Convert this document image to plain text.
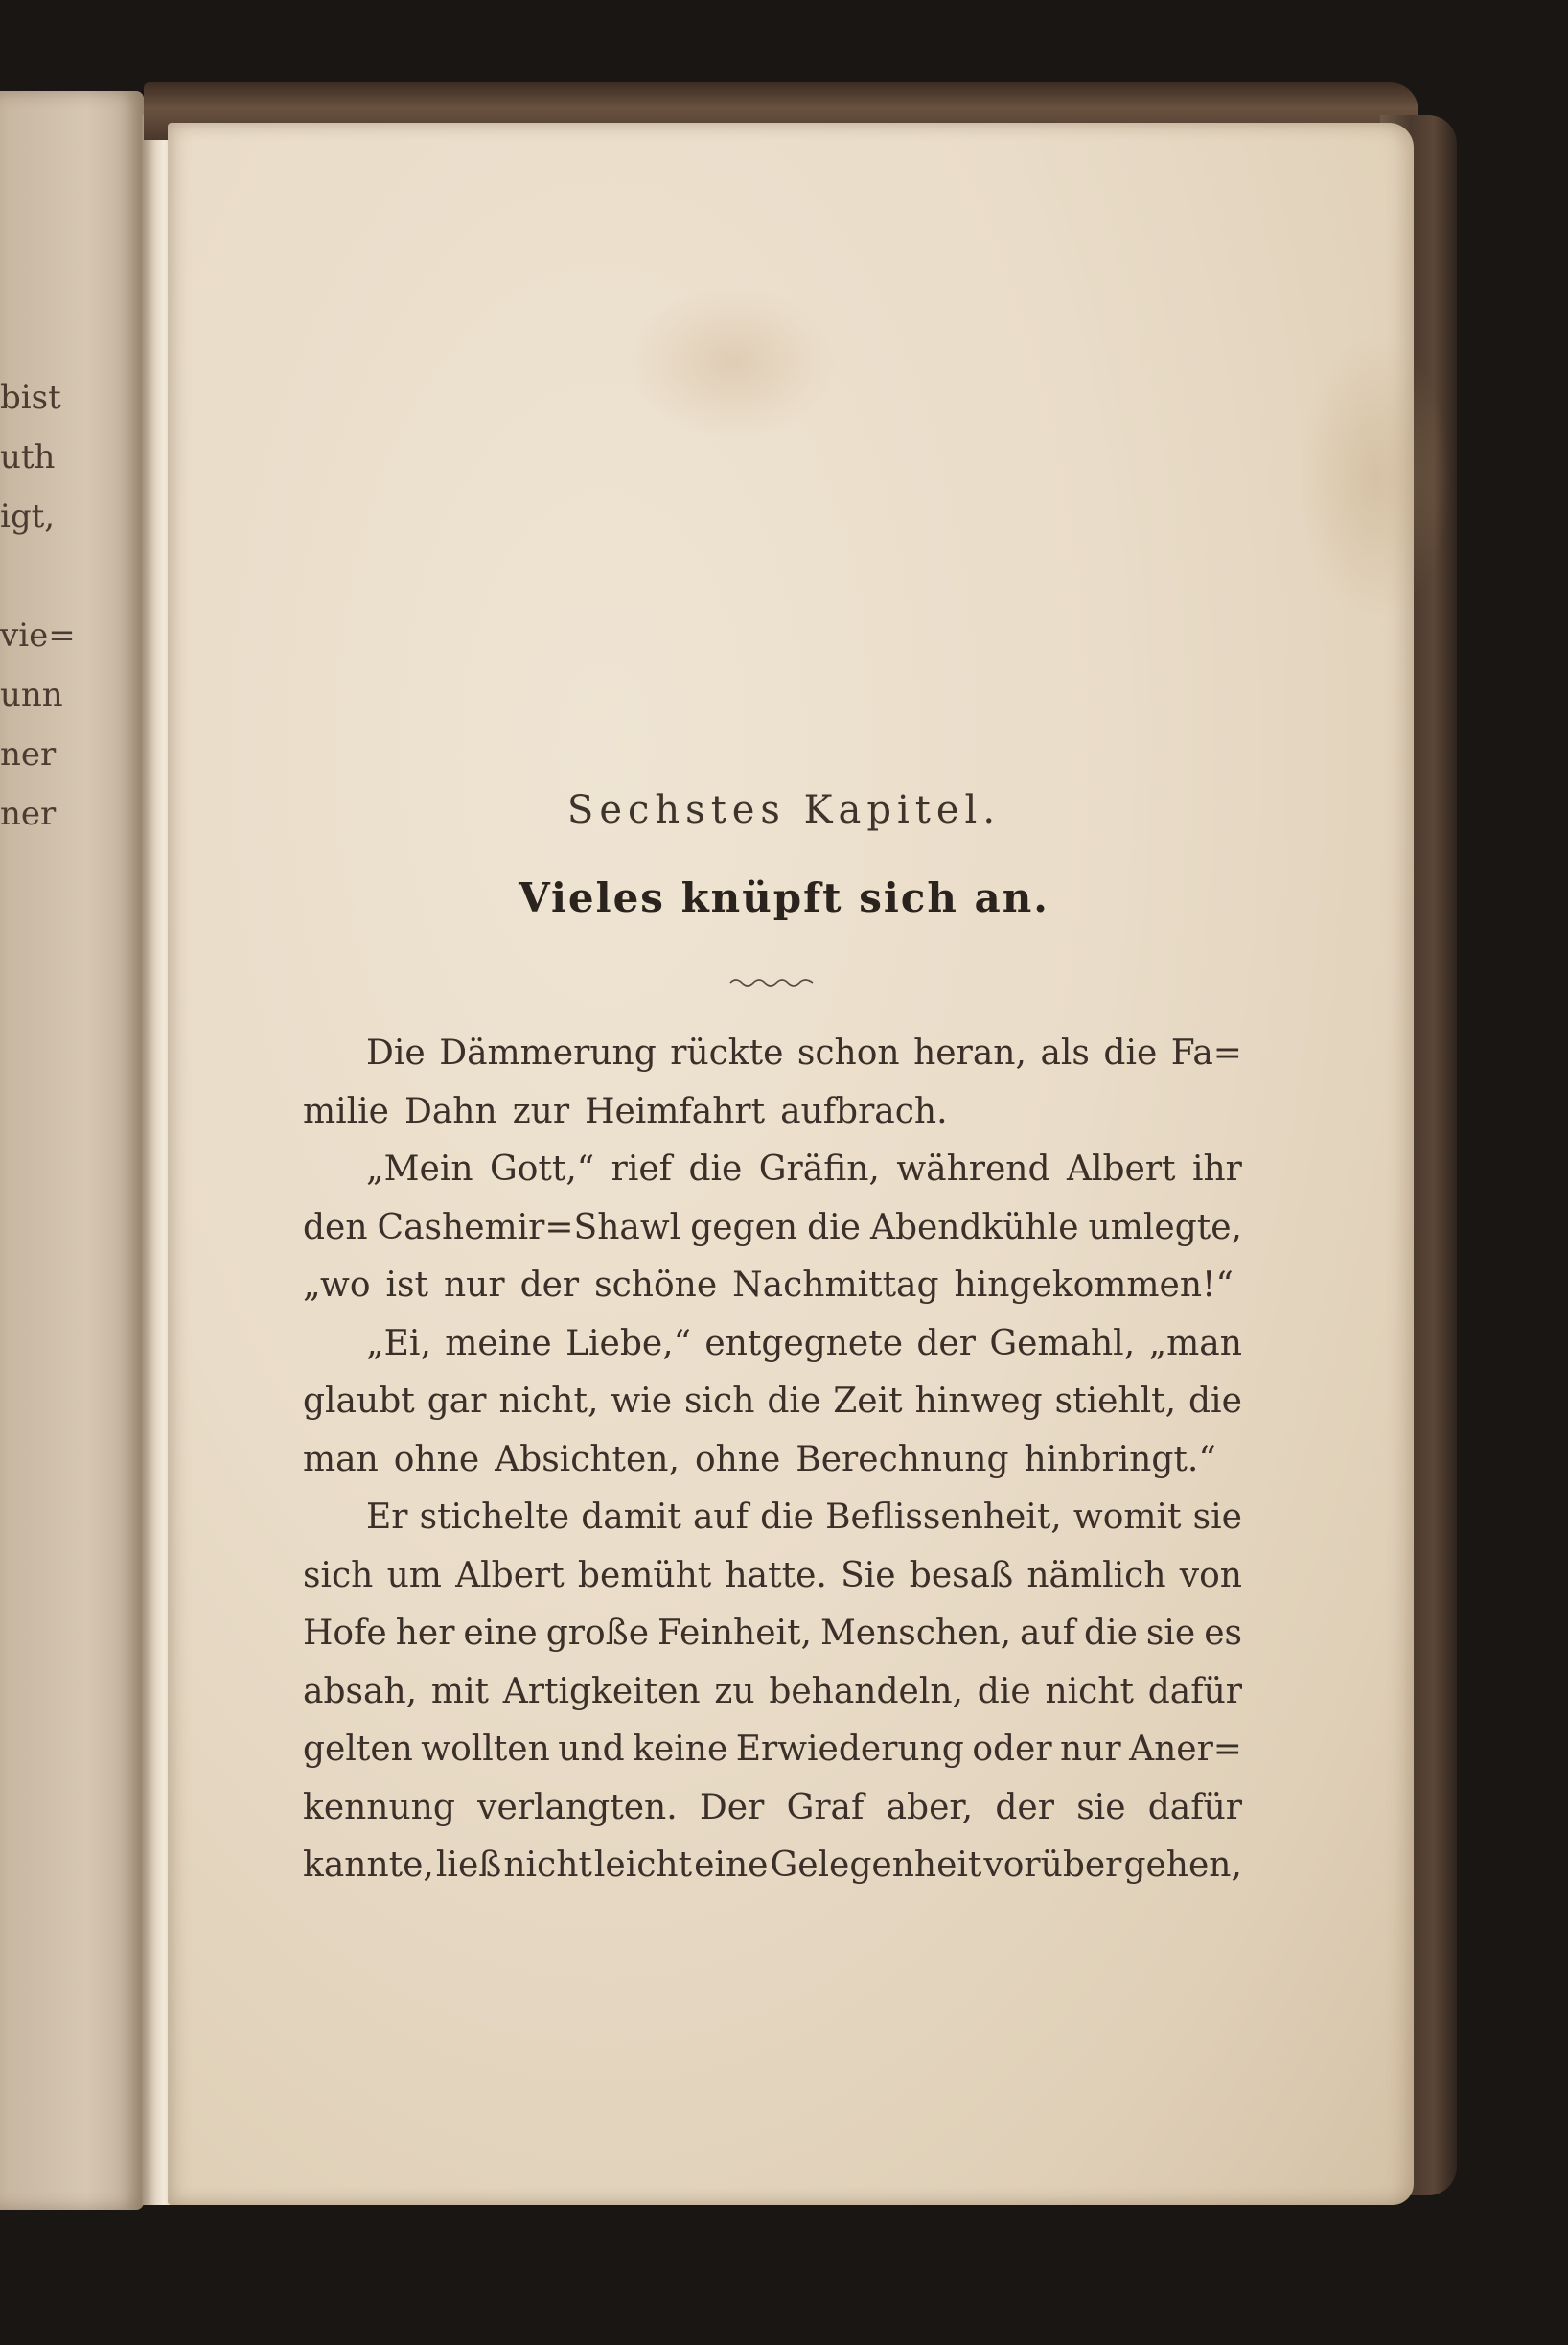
bist
uth
igt,
vie=
unn
ner
ner	Sechstes Kapitel.
Vieles knüpft sich an.
Die Dämmerung rückte schon heran, als die Fa=
milie Dahn zur Heimfahrt aufbrach.
„Mein Gott,“ rief die Gräfin, während Albert ihr
den Cashemir=Shawl gegen die Abendkühle umlegte,
„wo ist nur der schöne Nachmittag hingekommen!“
„Ei, meine Liebe,“ entgegnete der Gemahl, „man
glaubt gar nicht, wie sich die Zeit hinweg stiehlt, die
man ohne Absichten, ohne Berechnung hinbringt.“
Er stichelte damit auf die Beflissenheit, womit sie
sich um Albert bemüht hatte. Sie besaß nämlich von
Hofe her eine große Feinheit, Menschen, auf die sie es
absah, mit Artigkeiten zu behandeln, die nicht dafür
gelten wollten und keine Erwiederung oder nur Aner=
kennung verlangten. Der Graf aber, der sie dafür
kannte, ließ nicht leicht eine Gelegenheit vorüber gehen,
